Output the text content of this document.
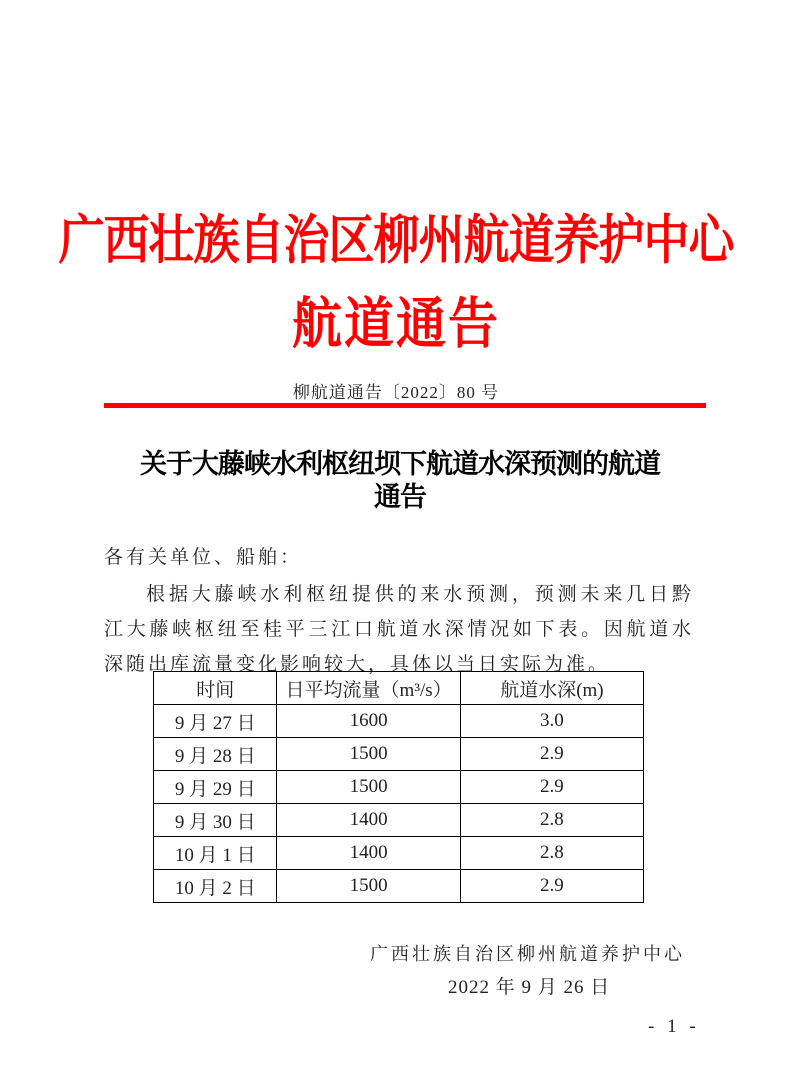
广西壮族自治区柳州航道养护中心
航道通告
柳航道通告〔2022〕80 号
关于大藤峡水利枢纽坝下航道水深预测的航道
通告
各有关单位、船舶：
根据大藤峡水利枢纽提供的来水预测，预测未来几日黔江大藤峡枢纽至桂平三江口航道水深情况如下表。因航道水深随出库流量变化影响较大，具体以当日实际为准。
时间	日平均流量（m³/s）	航道水深(m)
9 月 27 日	1600	3.0
9 月 28 日	1500	2.9
9 月 29 日	1500	2.9
9 月 30 日	1400	2.8
10 月 1 日	1400	2.8
10 月 2 日	1500	2.9
广西壮族自治区柳州航道养护中心
2022 年 9 月 26 日
- 1 -
